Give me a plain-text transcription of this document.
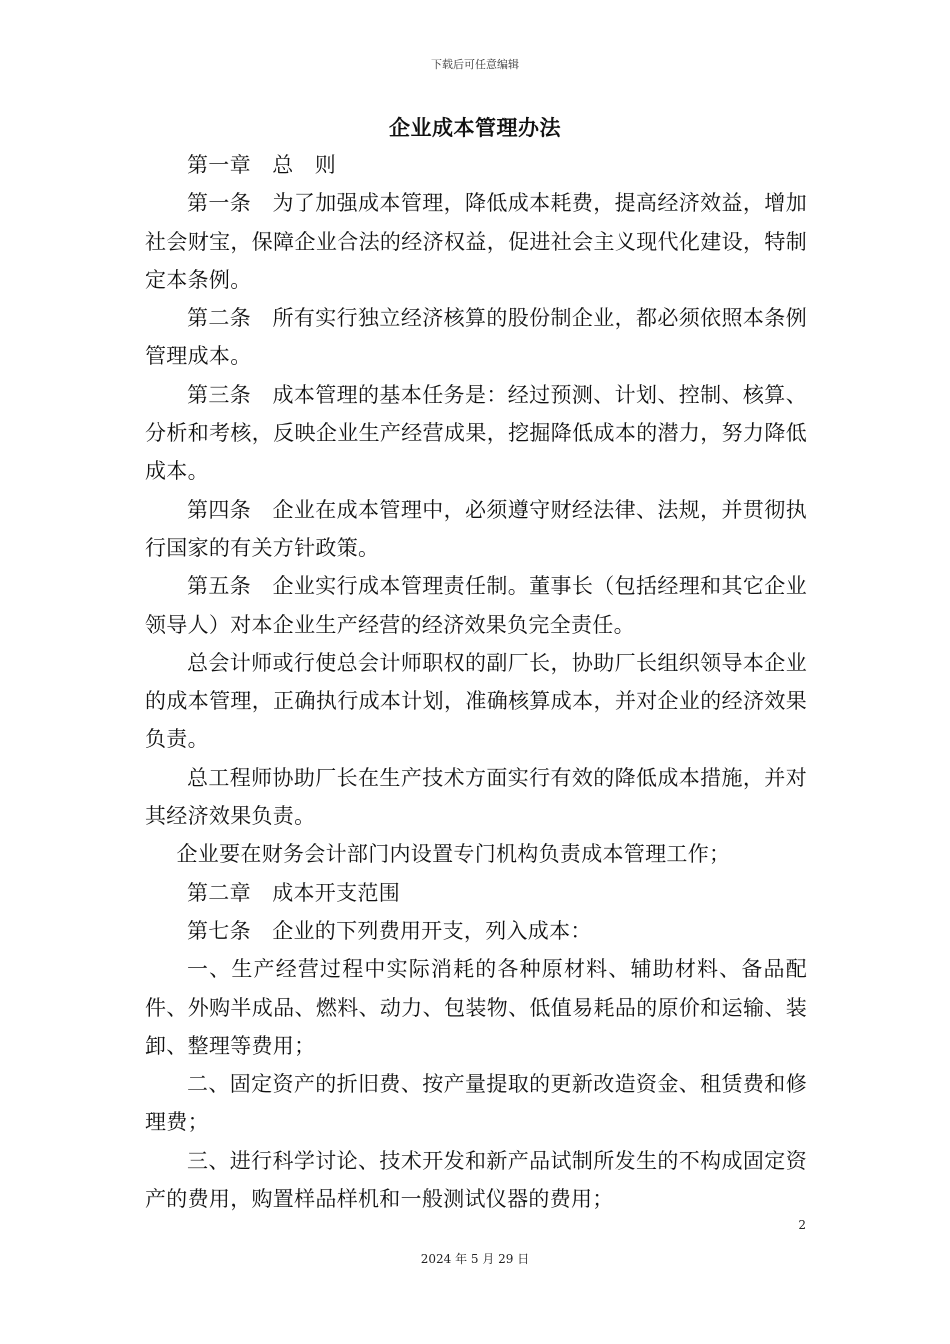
下载后可任意编辑
企业成本管理办法

第一章　总　则

第一条　为了加强成本管理，降低成本耗费，提高经济效益，增加社会财宝，保障企业合法的经济权益，促进社会主义现代化建设，特制定本条例。

第二条　所有实行独立经济核算的股份制企业，都必须依照本条例管理成本。

第三条　成本管理的基本任务是：经过预测、计划、控制、核算、分析和考核，反映企业生产经营成果，挖掘降低成本的潜力，努力降低成本。

第四条　企业在成本管理中，必须遵守财经法律、法规，并贯彻执行国家的有关方针政策。

第五条　企业实行成本管理责任制。董事长（包括经理和其它企业领导人）对本企业生产经营的经济效果负完全责任。

总会计师或行使总会计师职权的副厂长，协助厂长组织领导本企业的成本管理，正确执行成本计划，准确核算成本，并对企业的经济效果负责。

总工程师协助厂长在生产技术方面实行有效的降低成本措施，并对其经济效果负责。

企业要在财务会计部门内设置专门机构负责成本管理工作；

第二章　成本开支范围

第七条　企业的下列费用开支，列入成本：

一、生产经营过程中实际消耗的各种原材料、辅助材料、备品配件、外购半成品、燃料、动力、包装物、低值易耗品的原价和运输、装卸、整理等费用；

二、固定资产的折旧费、按产量提取的更新改造资金、租赁费和修理费；

三、进行科学讨论、技术开发和新产品试制所发生的不构成固定资产的费用，购置样品样机和一般测试仪器的费用；

2
2024 年 5 月 29 日
